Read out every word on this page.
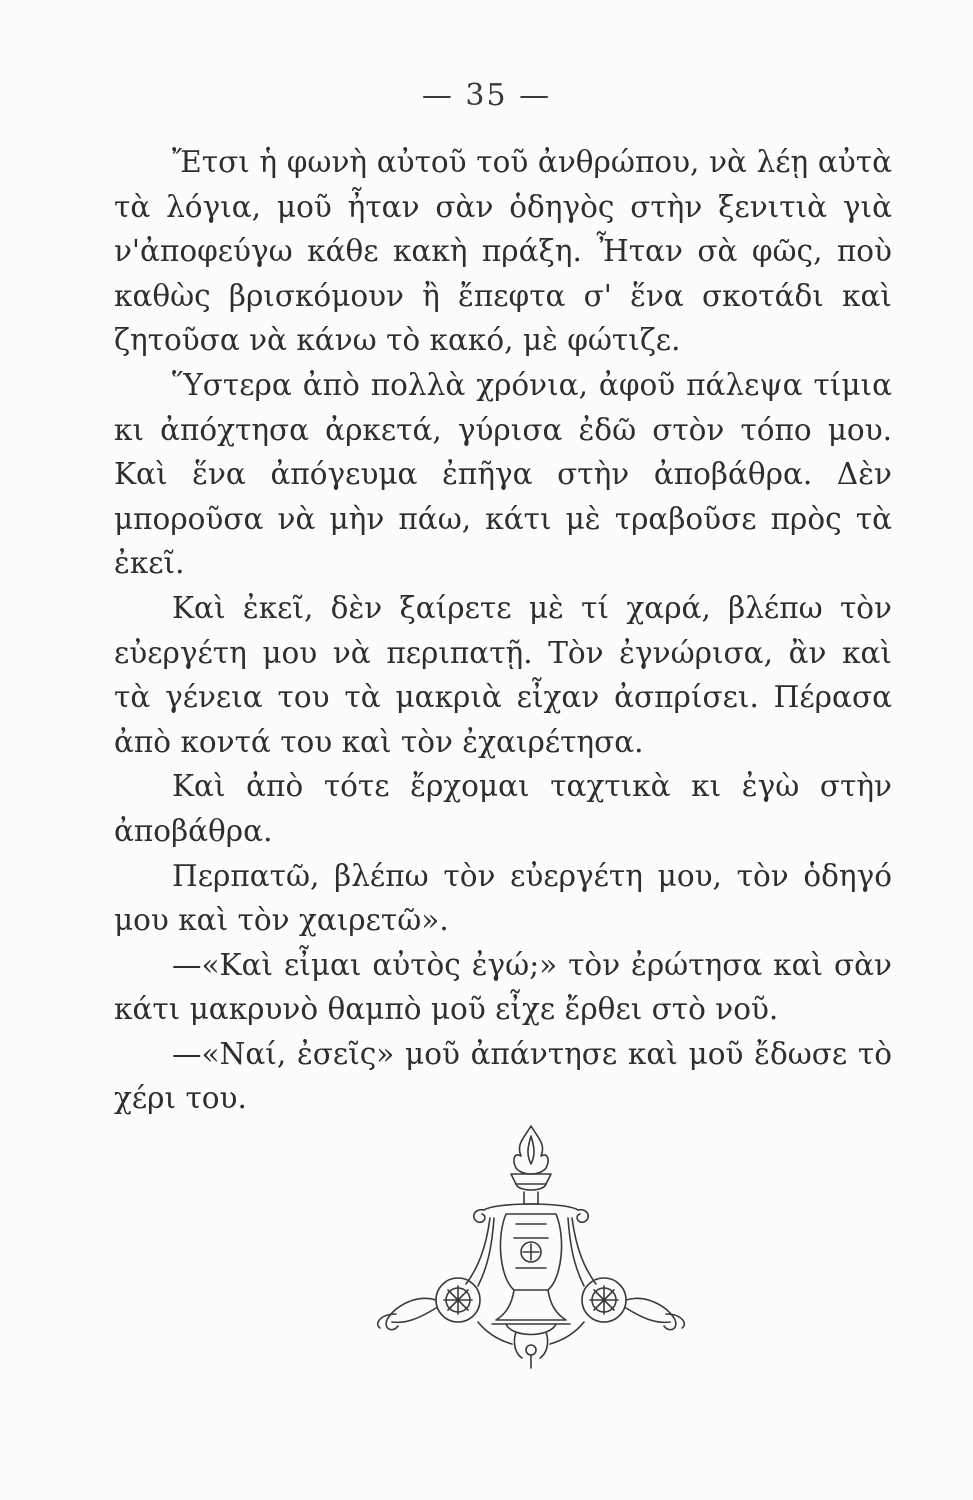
— 35 —

Ἔτσι ἡ φωνὴ αὐτοῦ τοῦ ἀνθρώπου, νὰ λέῃ αὐτὰ τὰ λόγια, μοῦ ἦταν σὰν ὁδηγὸς στὴν ξενιτιὰ γιὰ ν'ἀποφεύγω κάθε κακὴ πράξη. Ἦταν σὰ φῶς, ποὺ καθὼς βρισκόμουν ἢ ἔπεφτα σ' ἕνα σκοτάδι καὶ ζητοῦσα νὰ κάνω τὸ κακό, μὲ φώτιζε.

Ὕστερα ἀπὸ πολλὰ χρόνια, ἀφοῦ πάλεψα τίμια κι ἀπόχτησα ἀρκετά, γύρισα ἐδῶ στὸν τόπο μου. Καὶ ἕνα ἀπόγευμα ἐπῆγα στὴν ἀποβάθρα. Δὲν μποροῦσα νὰ μὴν πάω, κάτι μὲ τραβοῦσε πρὸς τὰ ἐκεῖ.

Καὶ ἐκεῖ, δὲν ξαίρετε μὲ τί χαρά, βλέπω τὸν εὐεργέτη μου νὰ περιπατῇ. Τὸν ἐγνώρισα, ἂν καὶ τὰ γένεια του τὰ μακριὰ εἶχαν ἀσπρίσει. Πέρασα ἀπὸ κοντά του καὶ τὸν ἐχαιρέτησα.

Καὶ ἀπὸ τότε ἔρχομαι ταχτικὰ κι ἐγὼ στὴν ἀποβάθρα.

Περπατῶ, βλέπω τὸν εὐεργέτη μου, τὸν ὁδηγό μου καὶ τὸν χαιρετῶ».

—«Καὶ εἶμαι αὐτὸς ἐγώ;» τὸν ἐρώτησα καὶ σὰν κάτι μακρυνὸ θαμπὸ μοῦ εἶχε ἔρθει στὸ νοῦ.

—«Ναί, ἐσεῖς» μοῦ ἀπάντησε καὶ μοῦ ἔδωσε τὸ χέρι του.
